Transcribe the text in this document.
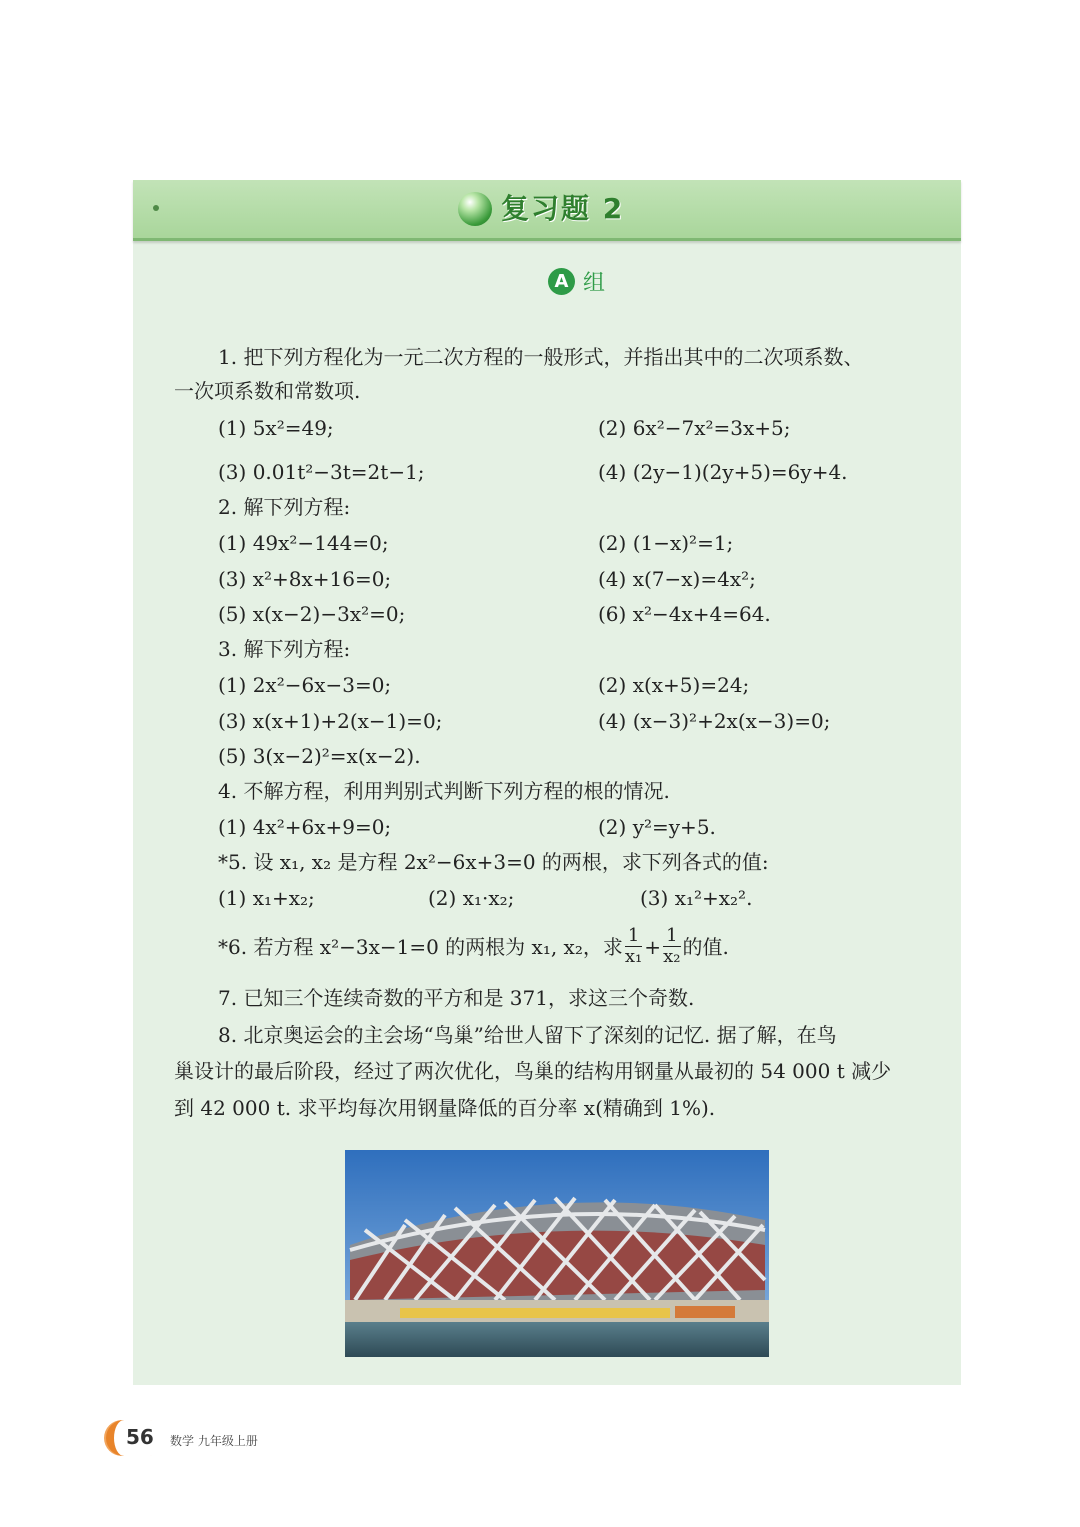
复习题 2
A 组
1. 把下列方程化为一元二次方程的一般形式，并指出其中的二次项系数、
一次项系数和常数项.
(1) 5x²=49;	(2) 6x²−7x²=3x+5;
(3) 0.01t²−3t=2t−1;	(4) (2y−1)(2y+5)=6y+4.
2. 解下列方程:
(1) 49x²−144=0;	(2) (1−x)²=1;
(3) x²+8x+16=0;	(4) x(7−x)=4x²;
(5) x(x−2)−3x²=0;	(6) x²−4x+4=64.
3. 解下列方程:
(1) 2x²−6x−3=0;	(2) x(x+5)=24;
(3) x(x+1)+2(x−1)=0;	(4) (x−3)²+2x(x−3)=0;
(5) 3(x−2)²=x(x−2).
4. 不解方程，利用判别式判断下列方程的根的情况.
(1) 4x²+6x+9=0;	(2) y²=y+5.
*5. 设 x₁, x₂ 是方程 2x²−6x+3=0 的两根，求下列各式的值:
(1) x₁+x₂;	(2) x₁·x₂;	(3) x₁²+x₂².
*6. 若方程 x²−3x−1=0 的两根为 x₁, x₂，求 $\frac{1}{\text{x₁}} + \frac{1}{\text{x₂}}$ 的值.
7. 已知三个连续奇数的平方和是 371，求这三个奇数.
8. 北京奥运会的主会场“鸟巢”给世人留下了深刻的记忆. 据了解，在鸟
巢设计的最后阶段，经过了两次优化，鸟巢的结构用钢量从最初的 54 000 t 减少
到 42 000 t. 求平均每次用钢量降低的百分率 x(精确到 1%).
56 数学 九年级上册
